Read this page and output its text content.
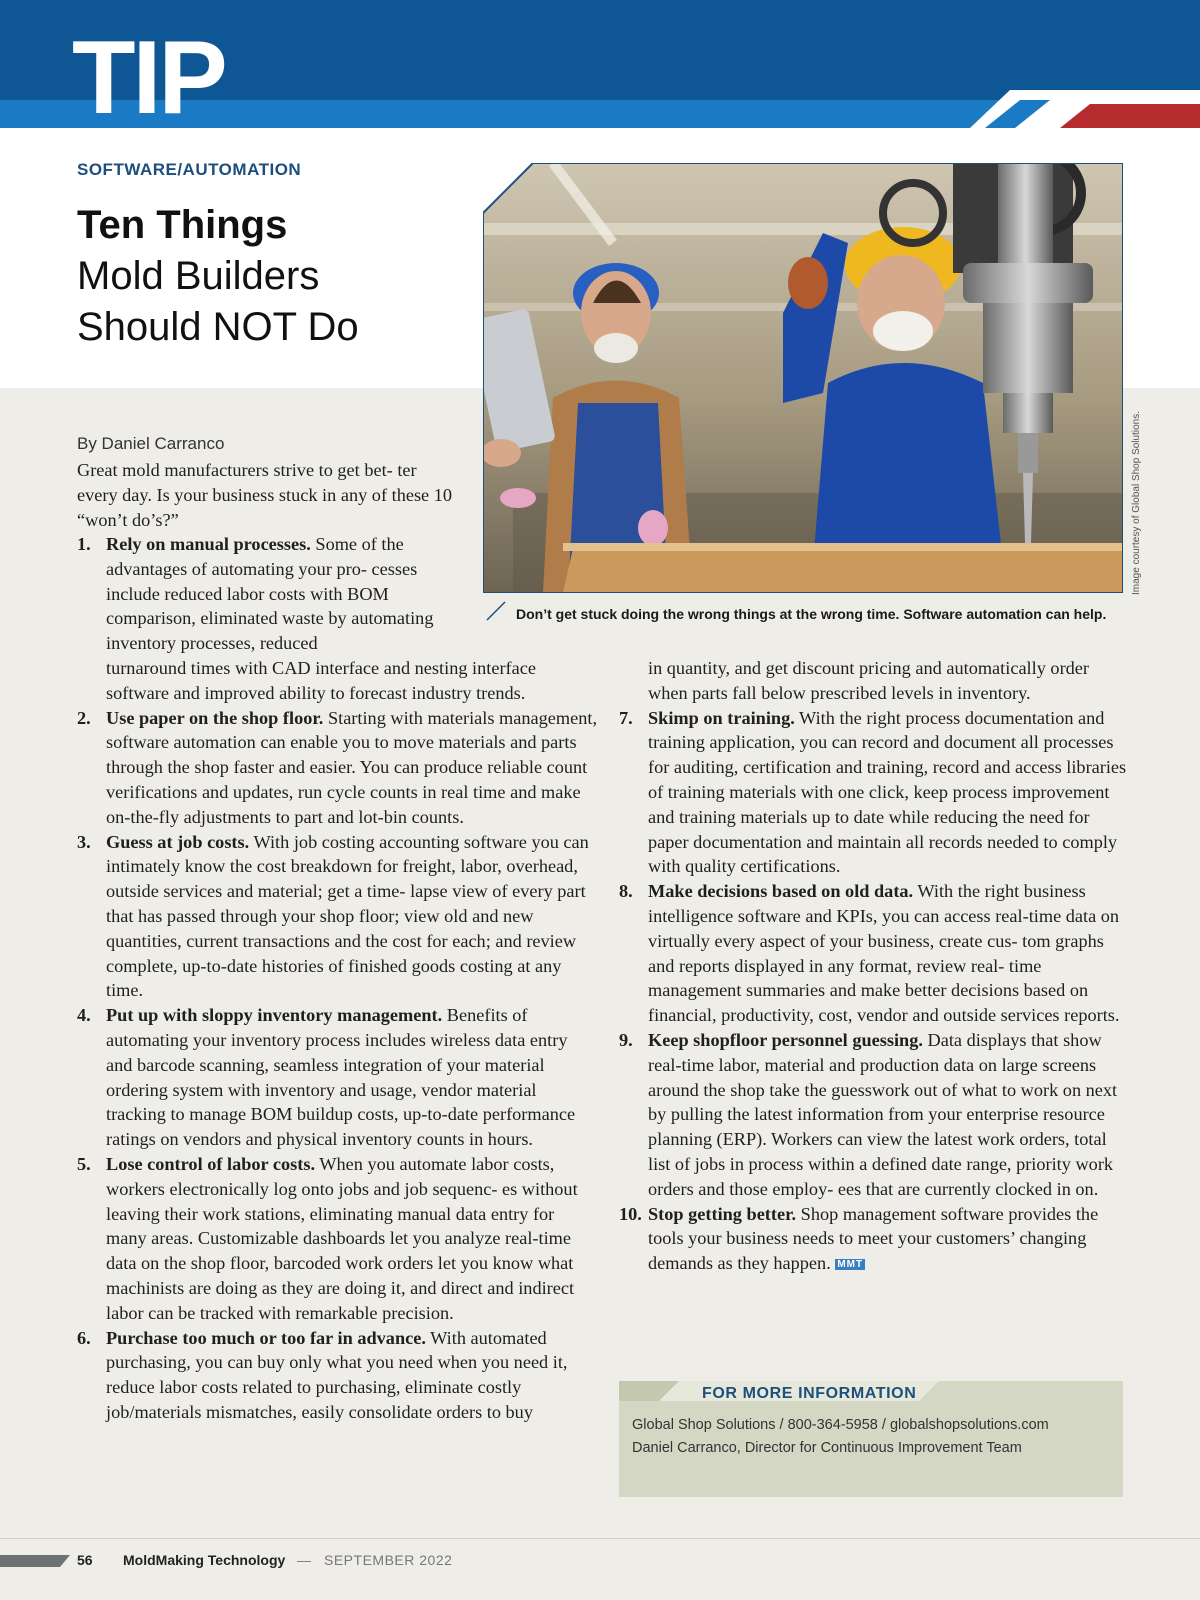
TIP
SOFTWARE/AUTOMATION
Ten Things
Mold Builders
Should NOT Do
Image courtesy of Global Shop Solutions.
Don’t get stuck doing the wrong things at the wrong time. Software automation can help.
By Daniel Carranco
Great mold manufacturers strive to get bet- ter every day. Is your business stuck in any of these 10 “won’t do’s?”
1. Rely on manual processes. Some of the advantages of automating your pro- cesses include reduced labor costs with BOM comparison, eliminated waste by automating inventory processes, reduced
turnaround times with CAD interface and nesting interface software and improved ability to forecast industry trends.
2. Use paper on the shop floor. Starting with materials management, software automation can enable you to move materials and parts through the shop faster and easier. You can produce reliable count verifications and updates, run cycle counts in real time and make on-the-fly adjustments to part and lot-bin counts.
3. Guess at job costs. With job costing accounting software you can intimately know the cost breakdown for freight, labor, overhead, outside services and material; get a time- lapse view of every part that has passed through your shop floor; view old and new quantities, current transactions and the cost for each; and review complete, up-to-date histories of finished goods costing at any time.
4. Put up with sloppy inventory management. Benefits of automating your inventory process includes wireless data entry and barcode scanning, seamless integration of your material ordering system with inventory and usage, vendor material tracking to manage BOM buildup costs, up-to-date performance ratings on vendors and physical inventory counts in hours.
5. Lose control of labor costs. When you automate labor costs, workers electronically log onto jobs and job sequenc- es without leaving their work stations, eliminating manual data entry for many areas. Customizable dashboards let you analyze real-time data on the shop floor, barcoded work orders let you know what machinists are doing as they are doing it, and direct and indirect labor can be tracked with remarkable precision.
6. Purchase too much or too far in advance. With automated purchasing, you can buy only what you need when you need it, reduce labor costs related to purchasing, eliminate costly job/materials mismatches, easily consolidate orders to buy
in quantity, and get discount pricing and automatically order when parts fall below prescribed levels in inventory.
7. Skimp on training. With the right process documentation and training application, you can record and document all processes for auditing, certification and training, record and access libraries of training materials with one click, keep process improvement and training materials up to date while reducing the need for paper documentation and maintain all records needed to comply with quality certifications.
8. Make decisions based on old data. With the right business intelligence software and KPIs, you can access real-time data on virtually every aspect of your business, create cus- tom graphs and reports displayed in any format, review real- time management summaries and make better decisions based on financial, productivity, cost, vendor and outside services reports.
9. Keep shopfloor personnel guessing. Data displays that show real-time labor, material and production data on large screens around the shop take the guesswork out of what to work on next by pulling the latest information from your enterprise resource planning (ERP). Workers can view the latest work orders, total list of jobs in process within a defined date range, priority work orders and those employ- ees that are currently clocked in on.
10. Stop getting better. Shop management software provides the tools your business needs to meet your customers’ changing demands as they happen. MMT
FOR MORE INFORMATION
Global Shop Solutions / 800-364-5958 / globalshopsolutions.com
Daniel Carranco, Director for Continuous Improvement Team
56 MoldMaking Technology — SEPTEMBER 2022
